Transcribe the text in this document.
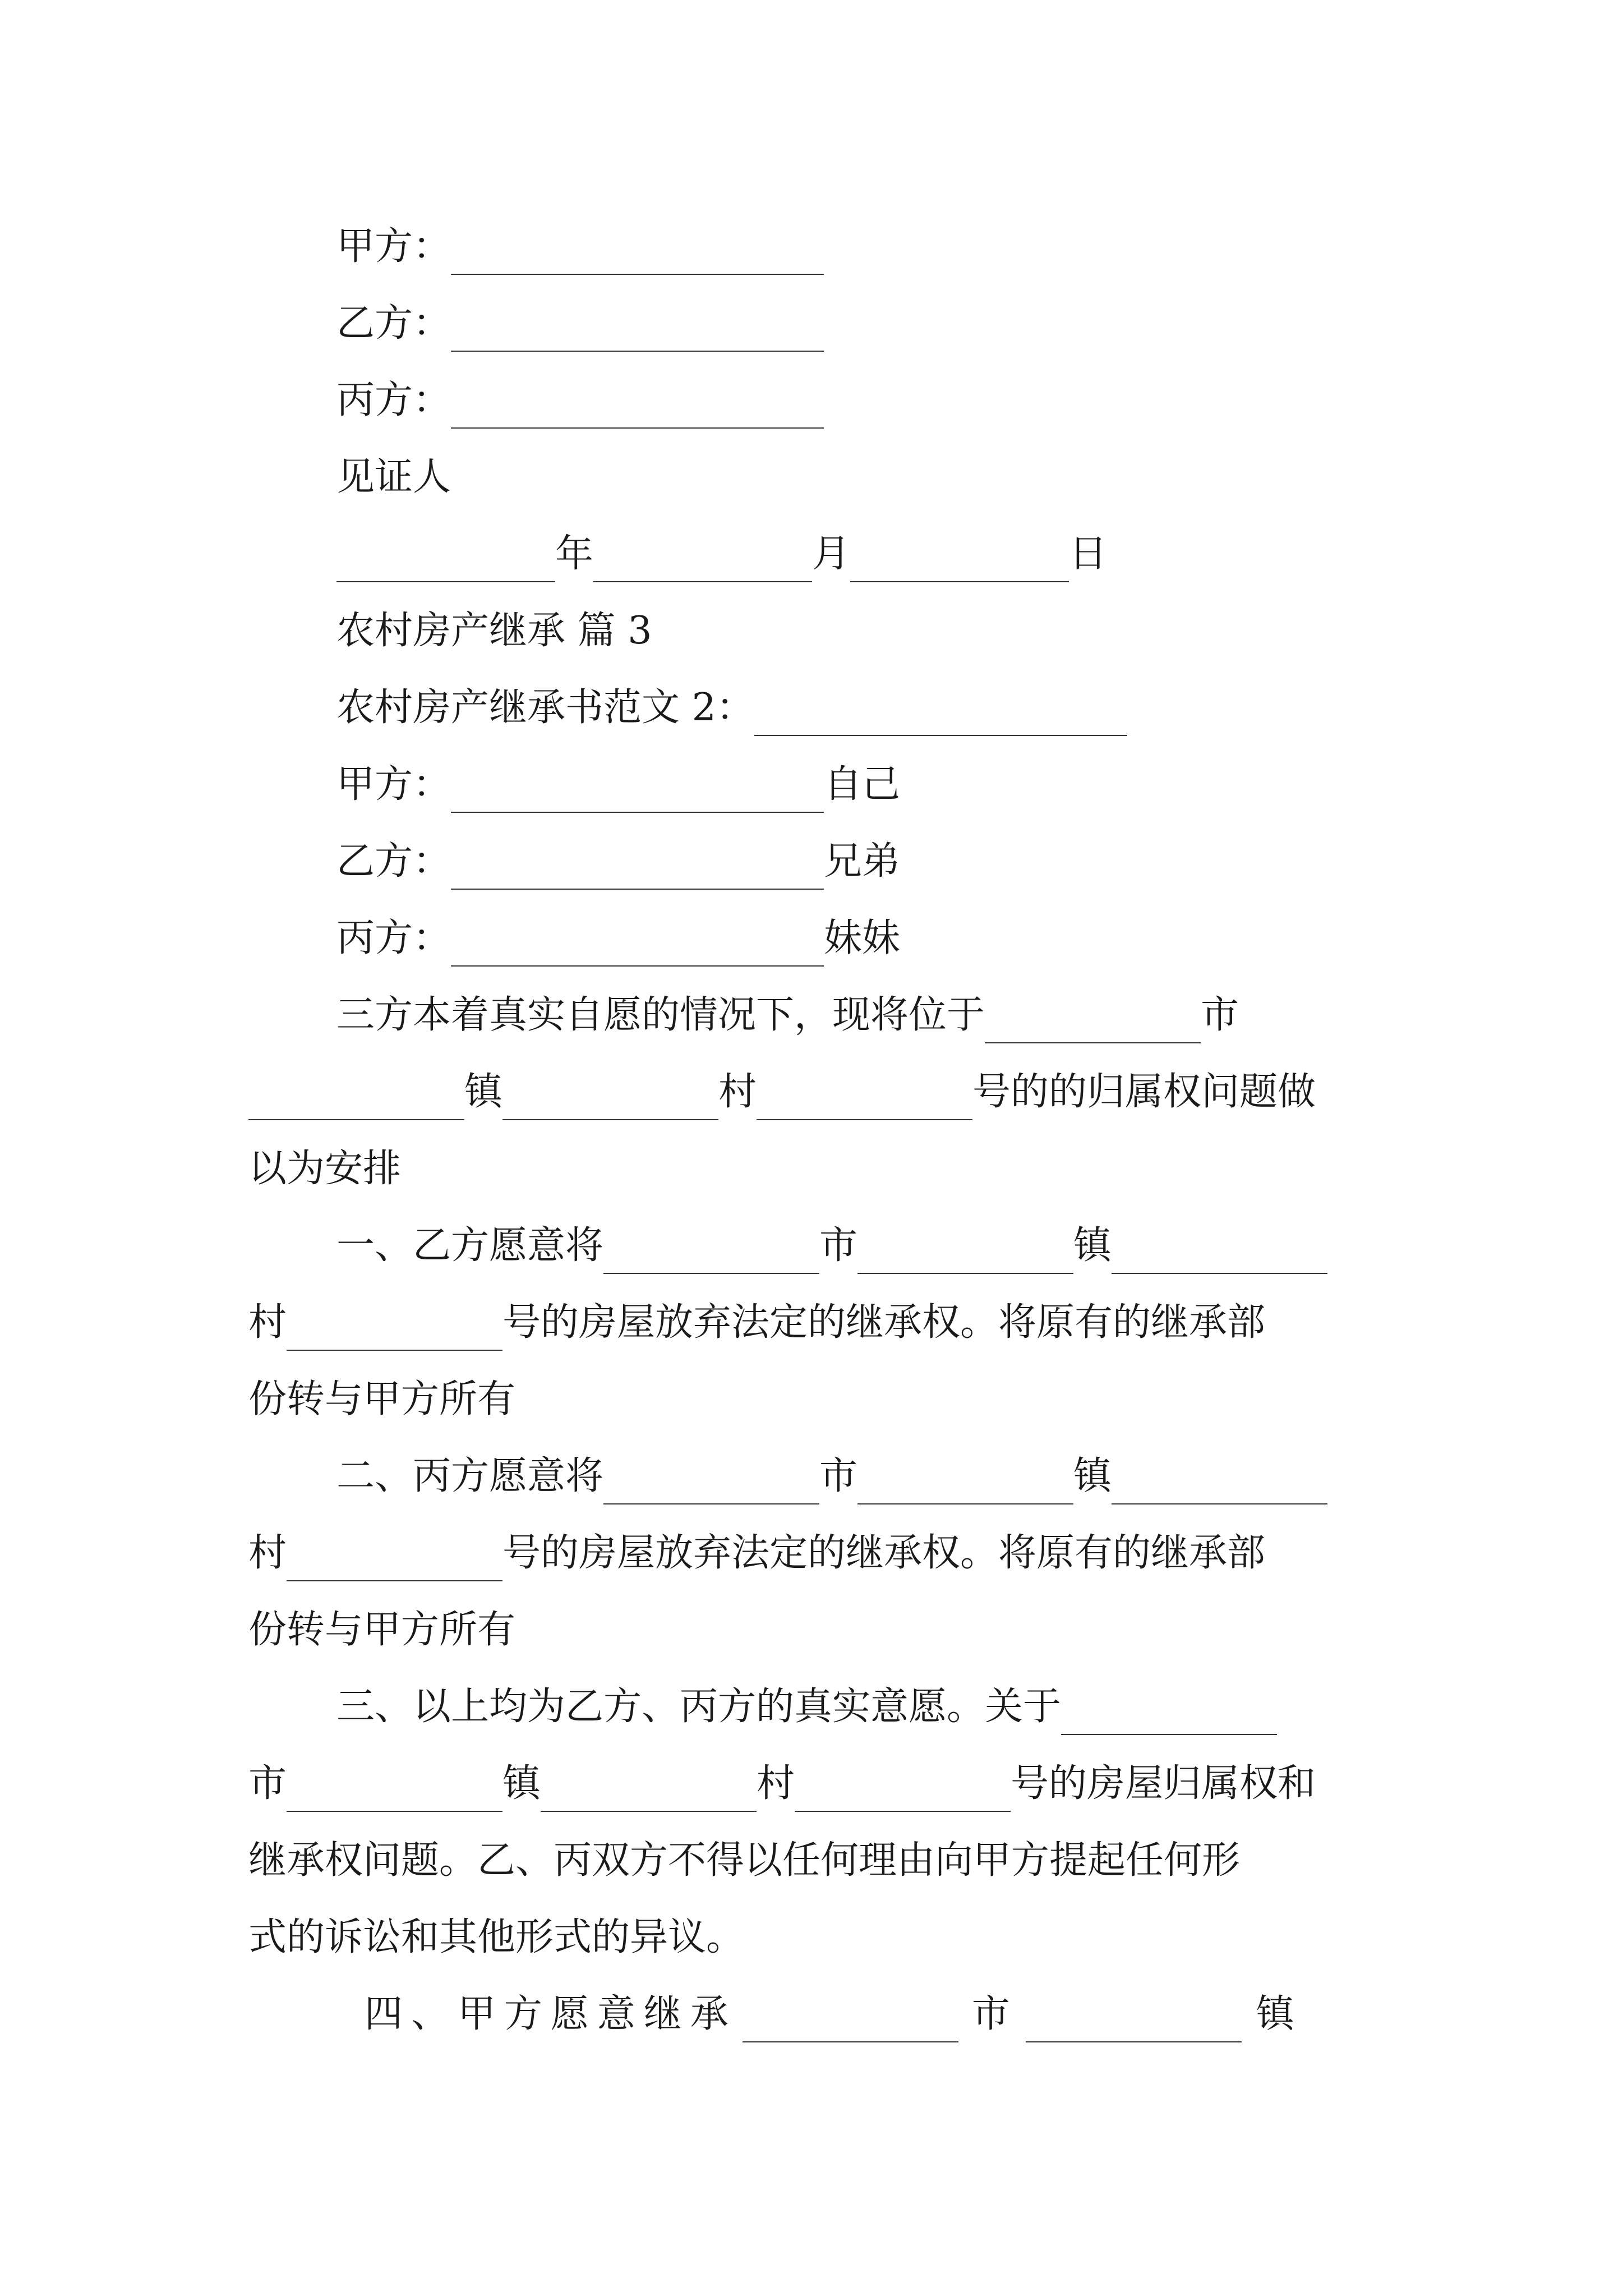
甲方：
乙方：
丙方：
见证人
年	月	日
农村房产继承 篇 3
农村房产继承书范文 2：
甲方：	自己
乙方：	兄弟
丙方：	妹妹
三方本着真实自愿的情况下，现将位于	市
镇	村	号的的归属权问题做
以为安排
一、乙方愿意将	市	镇
村	号的房屋放弃法定的继承权。将原有的继承部
份转与甲方所有
二、丙方愿意将	市	镇
村	号的房屋放弃法定的继承权。将原有的继承部
份转与甲方所有
三、以上均为乙方、丙方的真实意愿。关于
市	镇	村	号的房屋归属权和
继承权问题。乙、丙双方不得以任何理由向甲方提起任何形
式的诉讼和其他形式的异议。
四、甲方愿意继承	市	镇
